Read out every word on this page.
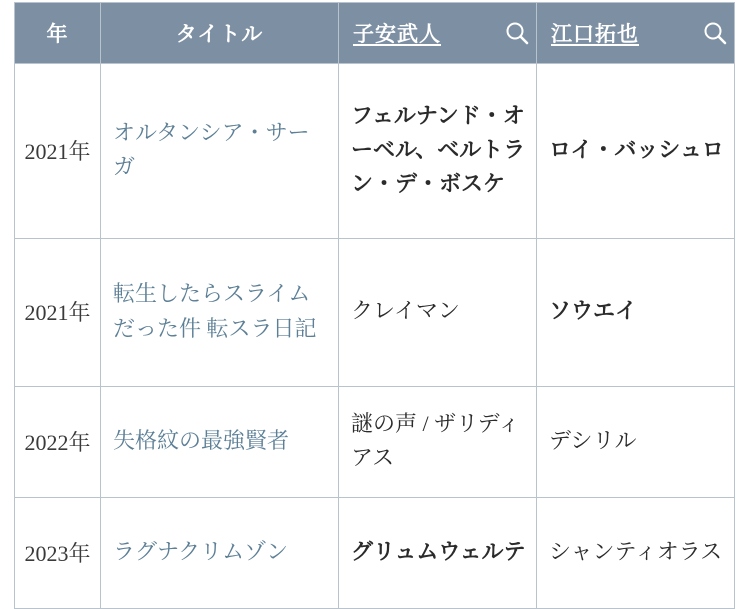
年	タイトル	子安武人	江口拓也

2021年	オルタンシア・サーガ	フェルナンド・オーベル、ベルトラン・デ・ボスケ	ロイ・バッシュロ
2021年	転生したらスライムだった件 転スラ日記	クレイマン	ソウエイ
2022年	失格紋の最強賢者	謎の声 / ザリディアス	デシリル
2023年	ラグナクリムゾン	グリュムウェルテ	シャンティオラス
